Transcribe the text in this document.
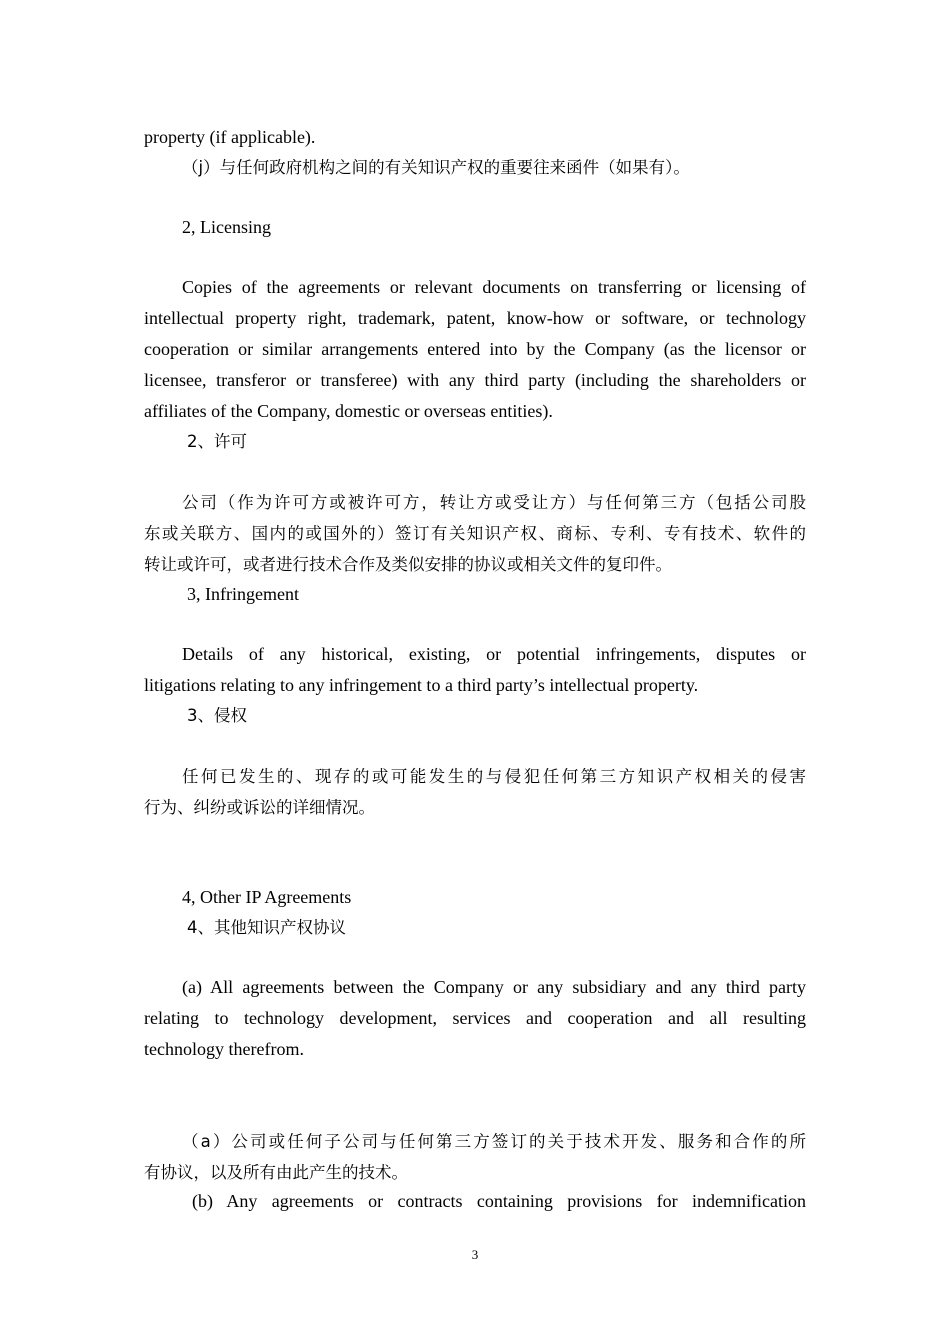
property (if applicable).
（j）与任何政府机构之间的有关知识产权的重要往来函件（如果有）。
2, Licensing
Copies of the agreements or relevant documents on transferring or licensing of
intellectual property right, trademark, patent, know-how or software, or technology
cooperation or similar arrangements entered into by the Company (as the licensor or
licensee, transferor or transferee) with any third party (including the shareholders or
affiliates of the Company, domestic or overseas entities).
2、许可
公司（作为许可方或被许可方，转让方或受让方）与任何第三方（包括公司股
东或关联方、国内的或国外的）签订有关知识产权、商标、专利、专有技术、软件的
转让或许可，或者进行技术合作及类似安排的协议或相关文件的复印件。
3, Infringement
Details of any historical, existing, or potential infringements, disputes or
litigations relating to any infringement to a third party’s intellectual property.
3、侵权
任何已发生的、现存的或可能发生的与侵犯任何第三方知识产权相关的侵害
行为、纠纷或诉讼的详细情况。
4, Other IP Agreements
4、其他知识产权协议
(a) All agreements between the Company or any subsidiary and any third party
relating to technology development, services and cooperation and all resulting
technology therefrom.
（a）公司或任何子公司与任何第三方签订的关于技术开发、服务和合作的所
有协议，以及所有由此产生的技术。
(b) Any agreements or contracts containing provisions for indemnification
3
